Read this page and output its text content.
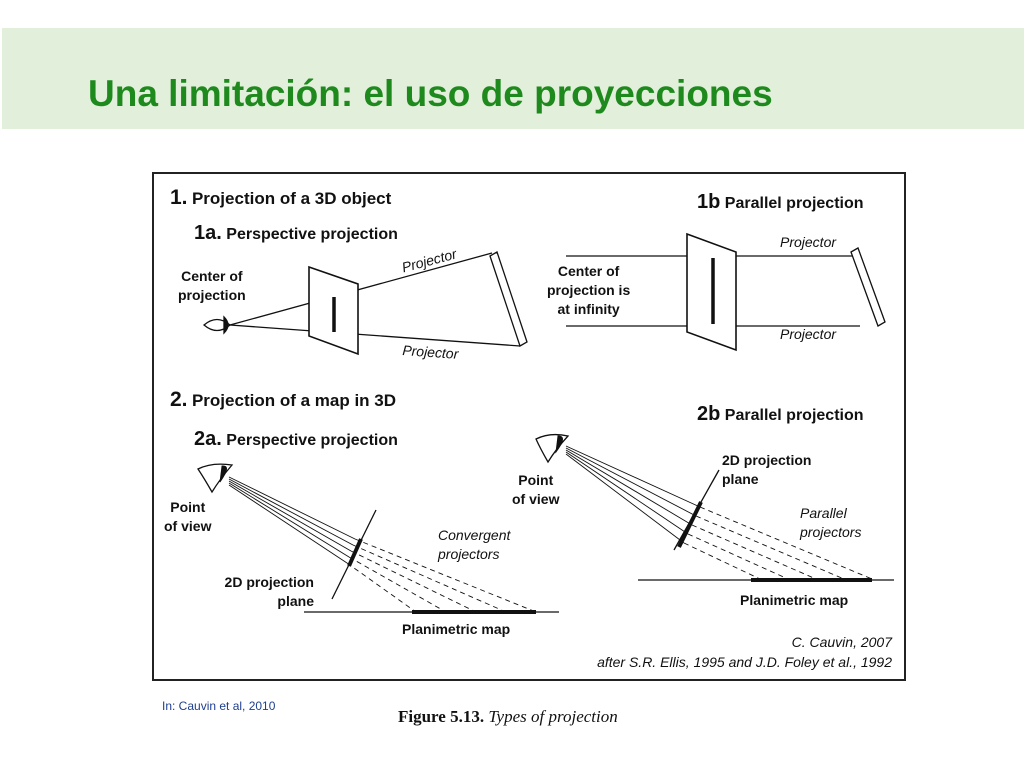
Una limitación: el uso de proyecciones
1. Projection of a 3D object
1a. Perspective projection
Center of
projection
Projector
Projector
1b Parallel projection
Center of
projection is
at infinity
Projector
Projector
2. Projection of a map in 3D
2a. Perspective projection
Point
of view
Convergent
projectors
2D projection
plane
Planimetric map
2b Parallel projection
Point
of view
2D projection
plane
Parallel
projectors
Planimetric map
C. Cauvin, 2007
after S.R. Ellis, 1995 and J.D. Foley et al., 1992
In: Cauvin et al, 2010
Figure 5.13. Types of projection
